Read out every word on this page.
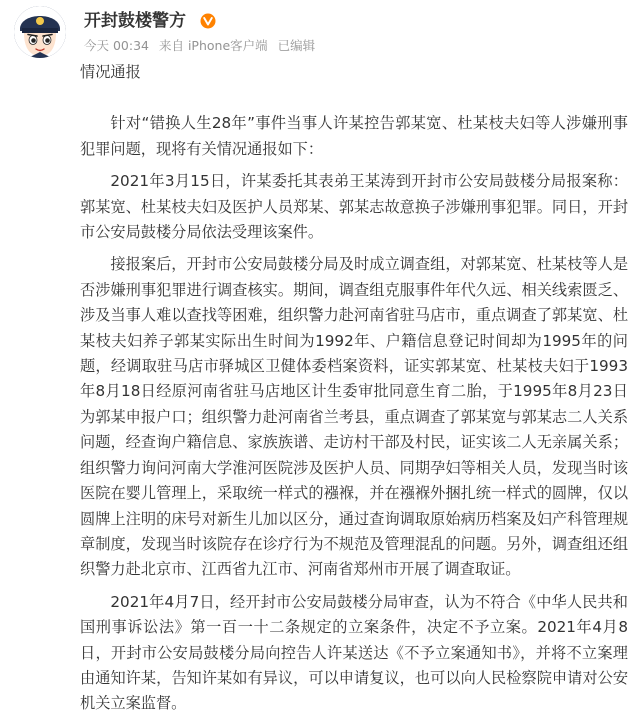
开封鼓楼警方
今天 00:34 来自 iPhone客户端 已编辑
情况通报

针对“错换人生28年”事件当事人许某控告郭某宽、杜某枝夫妇等人涉嫌刑事犯罪问题，现将有关情况通报如下：

2021年3月15日，许某委托其表弟王某涛到开封市公安局鼓楼分局报案称：郭某宽、杜某枝夫妇及医护人员郑某、郭某志故意换子涉嫌刑事犯罪。同日，开封市公安局鼓楼分局依法受理该案件。

接报案后，开封市公安局鼓楼分局及时成立调查组，对郭某宽、杜某枝等人是否涉嫌刑事犯罪进行调查核实。期间，调查组克服事件年代久远、相关线索匮乏、涉及当事人难以查找等困难，组织警力赴河南省驻马店市，重点调查了郭某宽、杜某枝夫妇养子郭某实际出生时间为1992年、户籍信息登记时间却为1995年的问题，经调取驻马店市驿城区卫健体委档案资料，证实郭某宽、杜某枝夫妇于1993年8月18日经原河南省驻马店地区计生委审批同意生育二胎，于1995年8月23日为郭某申报户口；组织警力赴河南省兰考县，重点调查了郭某宽与郭某志二人关系问题，经查询户籍信息、家族族谱、走访村干部及村民，证实该二人无亲属关系；组织警力询问河南大学淮河医院涉及医护人员、同期孕妇等相关人员，发现当时该医院在婴儿管理上，采取统一样式的襁褓，并在襁褓外捆扎统一样式的圆牌，仅以圆牌上注明的床号对新生儿加以区分，通过查询调取原始病历档案及妇产科管理规章制度，发现当时该院存在诊疗行为不规范及管理混乱的问题。另外，调查组还组织警力赴北京市、江西省九江市、河南省郑州市开展了调查取证。

2021年4月7日，经开封市公安局鼓楼分局审查，认为不符合《中华人民共和国刑事诉讼法》第一百一十二条规定的立案条件，决定不予立案。2021年4月8日，开封市公安局鼓楼分局向控告人许某送达《不予立案通知书》，并将不立案理由通知许某，告知许某如有异议，可以申请复议，也可以向人民检察院申请对公安机关立案监督。
